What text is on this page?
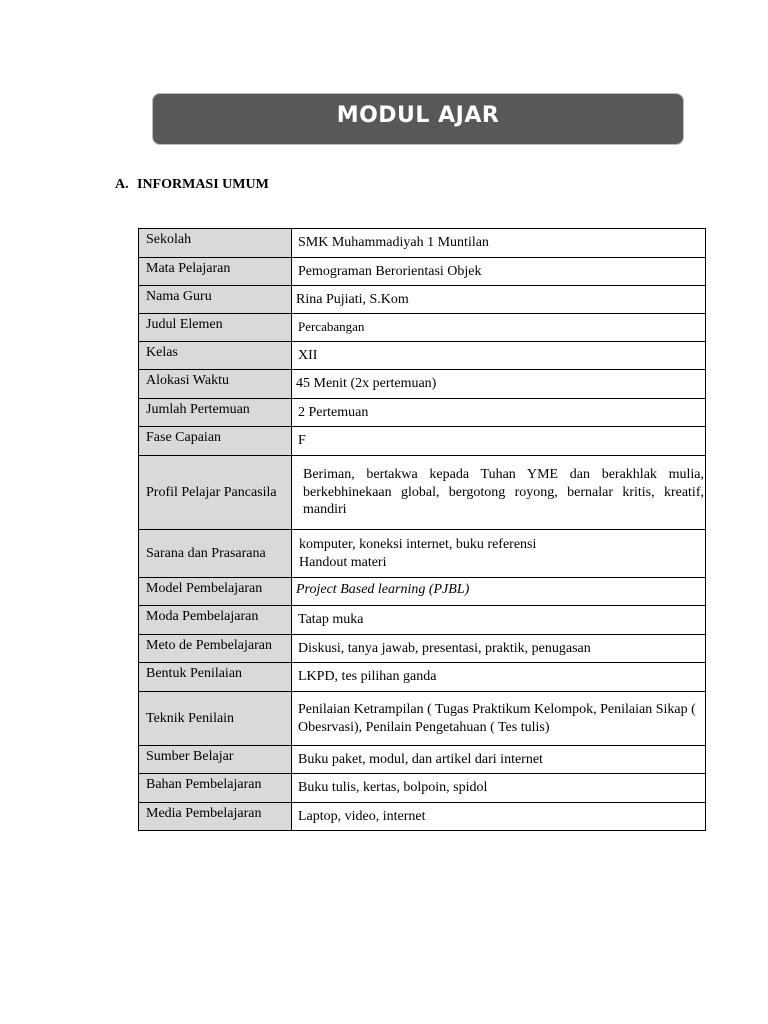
MODUL AJAR
A. INFORMASI UMUM
Sekolah	SMK Muhammadiyah 1 Muntilan
Mata Pelajaran	Pemograman Berorientasi Objek
Nama Guru	Rina Pujiati, S.Kom
Judul Elemen	Percabangan
Kelas	XII
Alokasi Waktu	45 Menit (2x pertemuan)
Jumlah Pertemuan	2 Pertemuan
Fase Capaian	F
Profil Pelajar Pancasila	Beriman, bertakwa kepada Tuhan YME dan berakhlak mulia, berkebhinekaan global, bergotong royong, bernalar kritis, kreatif, mandiri
Sarana dan Prasarana	komputer, koneksi internet, buku referensi
Handout materi

Model Pembelajaran	Project Based learning (PJBL)
Moda Pembelajaran	Tatap muka
Meto de Pembelajaran	Diskusi, tanya jawab, presentasi, praktik, penugasan
Bentuk Penilaian	LKPD, tes pilihan ganda
Teknik Penilain	Penilaian Ketrampilan ( Tugas Praktikum Kelompok, Penilaian Sikap ( Obesrvasi), Penilain Pengetahuan ( Tes tulis)
Sumber Belajar	Buku paket, modul, dan artikel dari internet
Bahan Pembelajaran	Buku tulis, kertas, bolpoin, spidol
Media Pembelajaran	Laptop, video, internet
